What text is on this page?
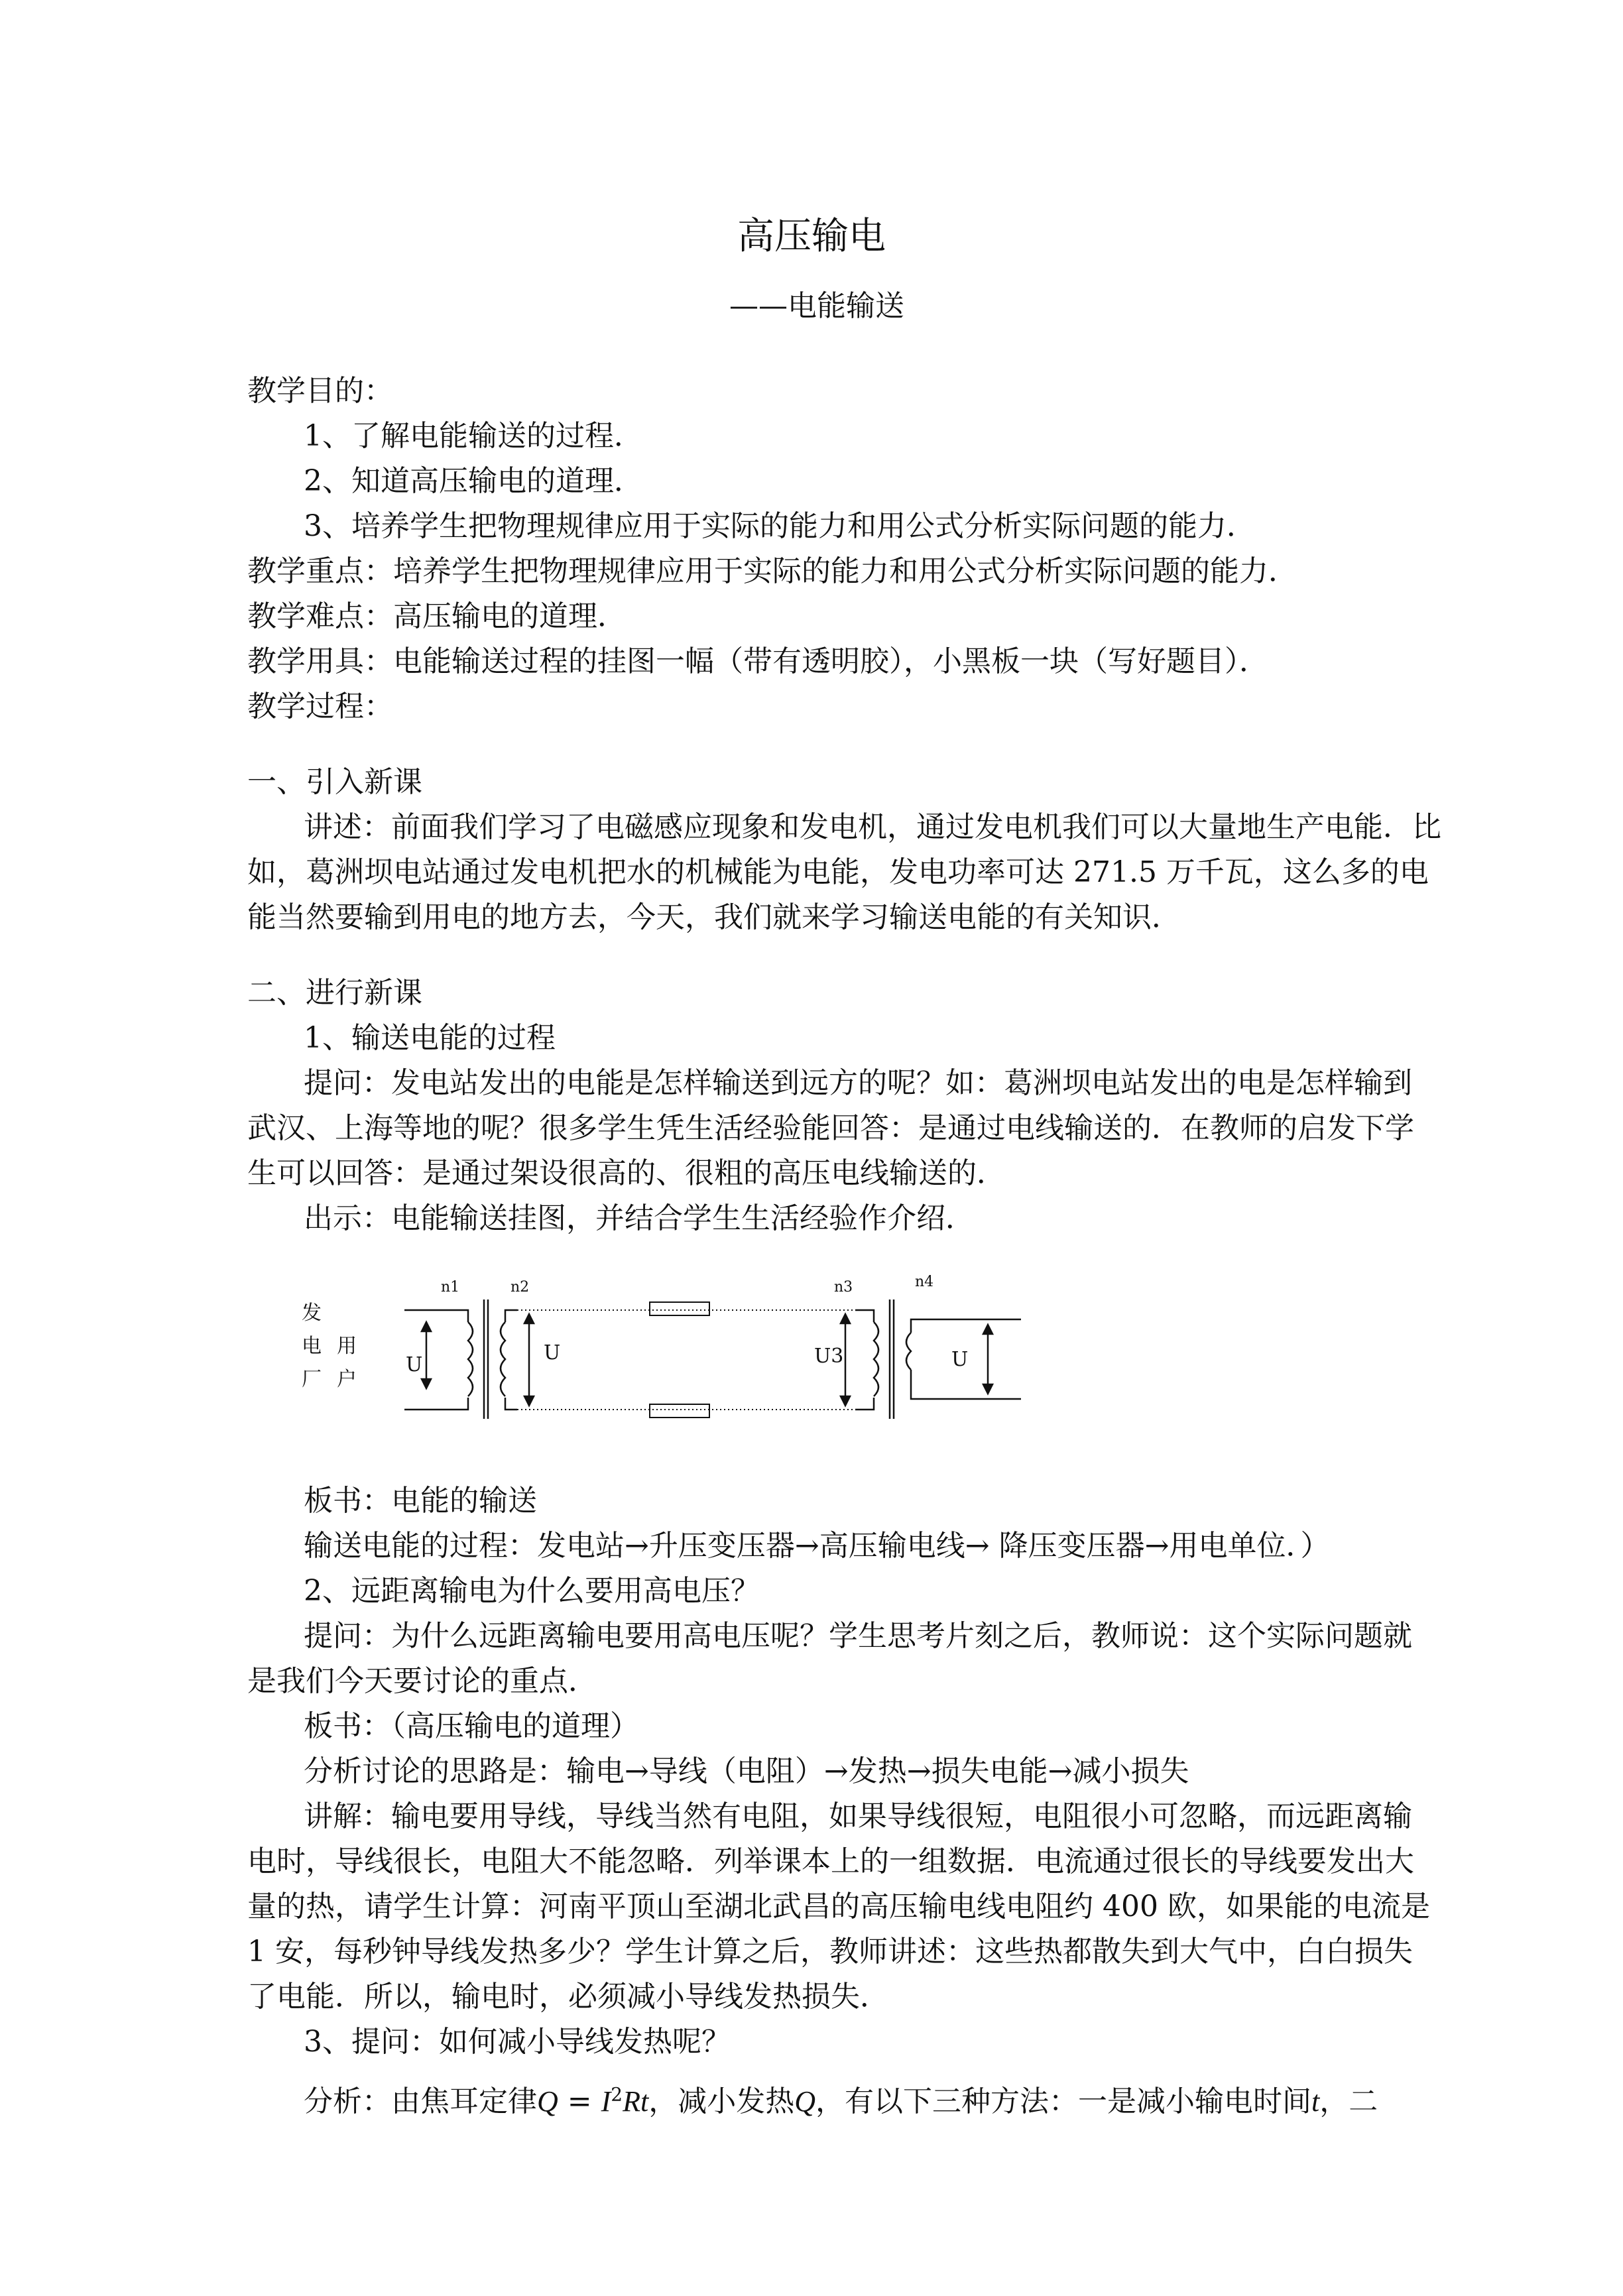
高压输电
——电能输送
教学目的：
1、了解电能输送的过程．
2、知道高压输电的道理．
3、培养学生把物理规律应用于实际的能力和用公式分析实际问题的能力．
教学重点：培养学生把物理规律应用于实际的能力和用公式分析实际问题的能力．
教学难点：高压输电的道理．
教学用具：电能输送过程的挂图一幅（带有透明胶），小黑板一块（写好题目）．
教学过程：
一、引入新课
讲述：前面我们学习了电磁感应现象和发电机，通过发电机我们可以大量地生产电能．比
如，葛洲坝电站通过发电机把水的机械能为电能，发电功率可达 271.5 万千瓦，这么多的电
能当然要输到用电的地方去，今天，我们就来学习输送电能的有关知识．
二、进行新课
1、输送电能的过程
提问：发电站发出的电能是怎样输送到远方的呢？如：葛洲坝电站发出的电是怎样输到
武汉、上海等地的呢？很多学生凭生活经验能回答：是通过电线输送的．在教师的启发下学
生可以回答：是通过架设很高的、很粗的高压电线输送的．
出示：电能输送挂图，并结合学生生活经验作介绍．
发
电
厂
用
户
n1	n2	n3	n4
U
U	U3	U
板书：电能的输送
输送电能的过程：发电站→升压变压器→高压输电线→ 降压变压器→用电单位．）
2、远距离输电为什么要用高电压？
提问：为什么远距离输电要用高电压呢？学生思考片刻之后，教师说：这个实际问题就
是我们今天要讨论的重点．
板书：（高压输电的道理）
分析讨论的思路是：输电→导线（电阻）→发热→损失电能→减小损失
讲解：输电要用导线，导线当然有电阻，如果导线很短，电阻很小可忽略，而远距离输
电时，导线很长，电阻大不能忽略．列举课本上的一组数据．电流通过很长的导线要发出大
量的热，请学生计算：河南平顶山至湖北武昌的高压输电线电阻约 400 欧，如果能的电流是
1 安，每秒钟导线发热多少？学生计算之后，教师讲述：这些热都散失到大气中，白白损失
了电能．所以，输电时，必须减小导线发热损失．
3、提问：如何减小导线发热呢？
分析：由焦耳定律$Q = I^2Rt$，减小发热Q，有以下三种方法：一是减小输电时间t，二
